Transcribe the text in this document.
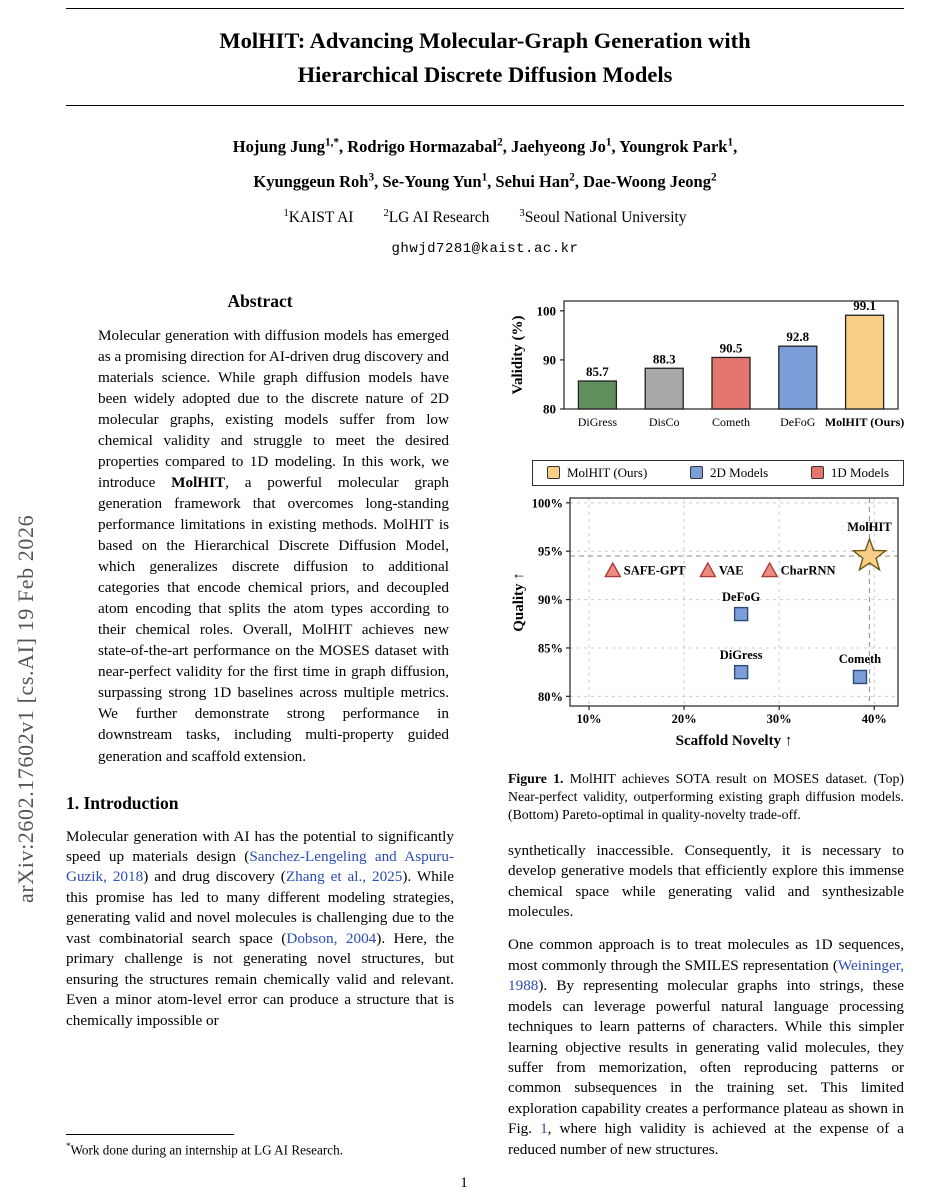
arXiv:2602.17602v1 [cs.AI] 19 Feb 2026
MolHIT: Advancing Molecular-Graph Generation with
Hierarchical Discrete Diffusion Models
Hojung Jung$^{1,*}$, Rodrigo Hormazabal$^2$, Jaehyeong Jo$^1$, Youngrok Park$^1$,
Kyunggeun Roh$^3$, Se-Young Yun$^1$, Sehui Han$^2$, Dae-Woong Jeong$^2$
$^1$KAIST AI	$^2$LG AI Research	$^3$Seoul National University
ghwjd7281@kaist.ac.kr
Abstract
Molecular generation with diffusion models has emerged as a promising direction for AI-driven drug discovery and materials science. While graph diffusion models have been widely adopted due to the discrete nature of 2D molecular graphs, existing models suffer from low chemical validity and struggle to meet the desired properties compared to 1D modeling. In this work, we introduce MolHIT, a powerful molecular graph generation framework that overcomes long-standing performance limitations in existing methods. MolHIT is based on the Hierarchical Discrete Diffusion Model, which generalizes discrete diffusion to additional categories that encode chemical priors, and decoupled atom encoding that splits the atom types according to their chemical roles. Overall, MolHIT achieves new state-of-the-art performance on the MOSES dataset with near-perfect validity for the first time in graph diffusion, surpassing strong 1D baselines across multiple metrics. We further demonstrate strong performance in downstream tasks, including multi-property guided generation and scaffold extension.
1. Introduction
Molecular generation with AI has the potential to significantly speed up materials design (Sanchez-Lengeling and Aspuru-Guzik, 2018) and drug discovery (Zhang et al., 2025). While this promise has led to many different modeling strategies, generating valid and novel molecules is challenging due to the vast combinatorial search space (Dobson, 2004). Here, the primary challenge is not generating novel structures, but ensuring the structures remain chemically valid and relevant. Even a minor atom-level error can produce a structure that is chemically impossible or
*Work done during an internship at LG AI Research.
80
90
100
85.7
DiGress
88.3
DisCo
90.5
Cometh
92.8
DeFoG
99.1
MolHIT (Ours)
Validity (%)
MolHIT (Ours)	2D Models	1D Models
80%
85%
90%
95%
100%
10%	20%	30%	40%
SAFE-GPT	VAE	CharRNN
DeFoG
DiGress	Cometh
MolHIT
Scaffold Novelty ↑
Quality ↑
Figure 1. MolHIT achieves SOTA result on MOSES dataset. (Top) Near-perfect validity, outperforming existing graph diffusion models. (Bottom) Pareto-optimal in quality-novelty trade-off.
synthetically inaccessible. Consequently, it is necessary to develop generative models that efficiently explore this immense chemical space while generating valid and synthesizable molecules.
One common approach is to treat molecules as 1D sequences, most commonly through the SMILES representation (Weininger, 1988). By representing molecular graphs into strings, these models can leverage powerful natural language processing techniques to learn patterns of characters. While this simpler learning objective results in generating valid molecules, they suffer from memorization, often reproducing patterns or common subsequences in the training set. This limited exploration capability creates a performance plateau as shown in Fig. 1, where high validity is achieved at the expense of a reduced number of new structures.
1
